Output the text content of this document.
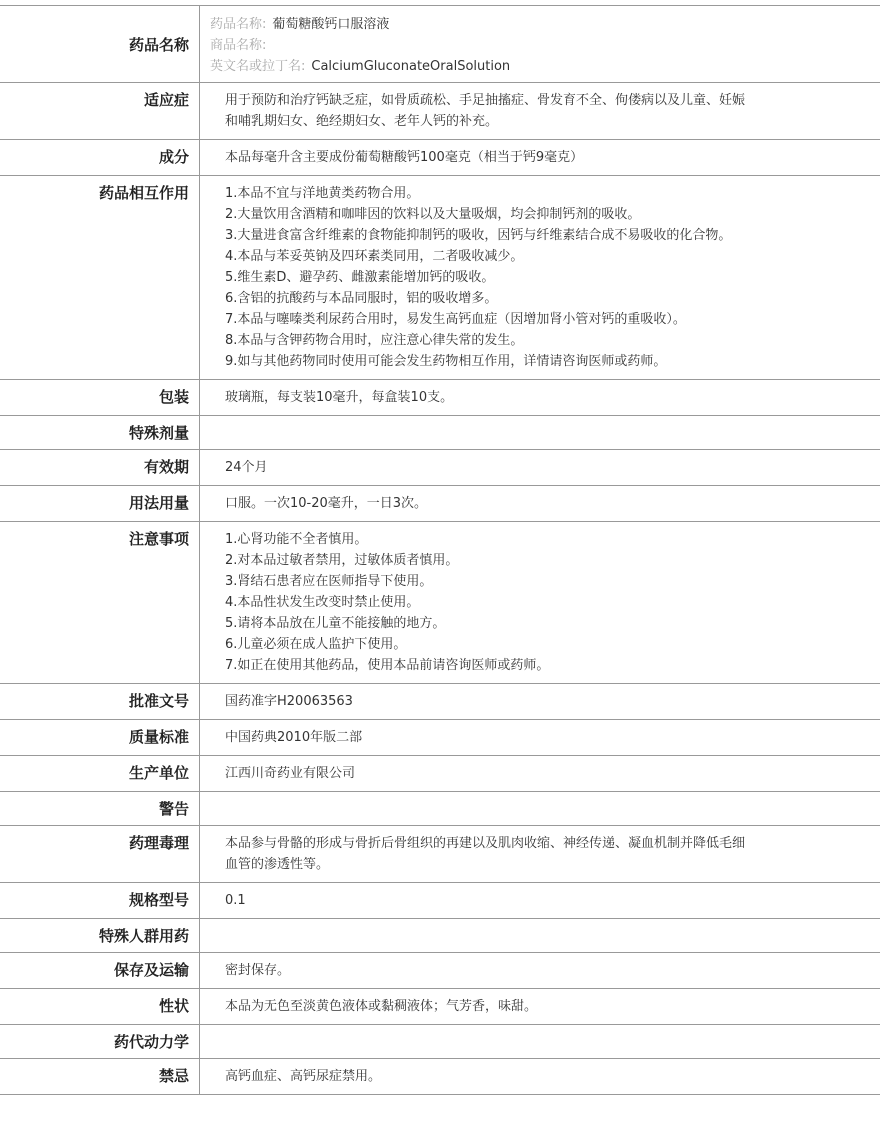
药品名称
药品名称: 葡萄糖酸钙口服溶液
商品名称:
英文名或拉丁名: CalciumGluconateOralSolution
适应症	用于预防和治疗钙缺乏症，如骨质疏松、手足抽搐症、骨发育不全、佝偻病以及儿童、妊娠
和哺乳期妇女、绝经期妇女、老年人钙的补充。
成分	本品每毫升含主要成份葡萄糖酸钙100毫克（相当于钙9毫克）
药品相互作用	1.本品不宜与洋地黄类药物合用。
2.大量饮用含酒精和咖啡因的饮料以及大量吸烟，均会抑制钙剂的吸收。
3.大量进食富含纤维素的食物能抑制钙的吸收，因钙与纤维素结合成不易吸收的化合物。
4.本品与苯妥英钠及四环素类同用，二者吸收减少。
5.维生素D、避孕药、雌激素能增加钙的吸收。
6.含铝的抗酸药与本品同服时，铝的吸收增多。
7.本品与噻嗪类利尿药合用时，易发生高钙血症（因增加肾小管对钙的重吸收）。
8.本品与含钾药物合用时，应注意心律失常的发生。
9.如与其他药物同时使用可能会发生药物相互作用，详情请咨询医师或药师。
包装	玻璃瓶，每支装10毫升，每盒装10支。
特殊剂量
有效期	24个月
用法用量	口服。一次10-20毫升，一日3次。
注意事项	1.心肾功能不全者慎用。
2.对本品过敏者禁用，过敏体质者慎用。
3.肾结石患者应在医师指导下使用。
4.本品性状发生改变时禁止使用。
5.请将本品放在儿童不能接触的地方。
6.儿童必须在成人监护下使用。
7.如正在使用其他药品，使用本品前请咨询医师或药师。
批准文号	国药准字H20063563
质量标准	中国药典2010年版二部
生产单位	江西川奇药业有限公司
警告
药理毒理	本品参与骨骼的形成与骨折后骨组织的再建以及肌肉收缩、神经传递、凝血机制并降低毛细
血管的渗透性等。
规格型号	0.1
特殊人群用药
保存及运输	密封保存。
性状	本品为无色至淡黄色液体或黏稠液体；气芳香，味甜。
药代动力学
禁忌	高钙血症、高钙尿症禁用。
